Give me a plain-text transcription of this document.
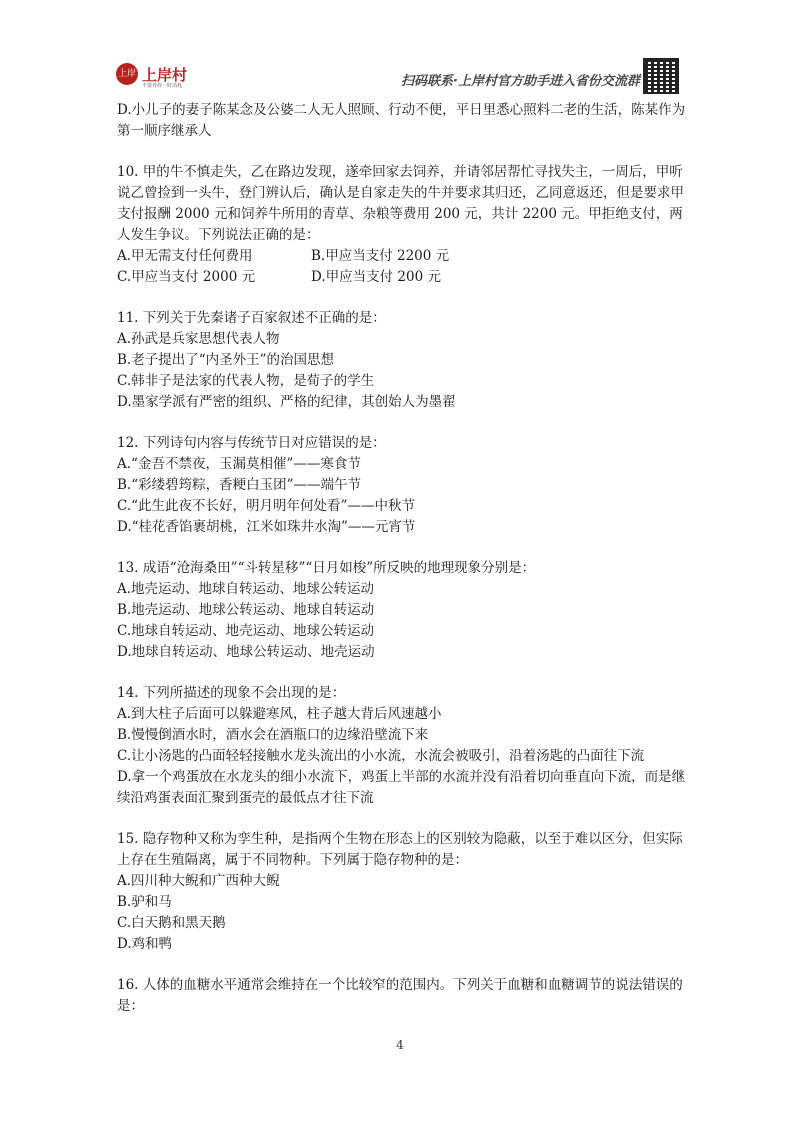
上岸 上岸村
不要养你一时消耗	扫码联系·上岸村官方助手进入省份交流群

D.小儿子的妻子陈某念及公婆二人无人照顾、行动不便，平日里悉心照料二老的生活，陈某作为第一顺序继承人

10. 甲的牛不慎走失，乙在路边发现，遂牵回家去饲养，并请邻居帮忙寻找失主，一周后，甲听说乙曾捡到一头牛，登门辨认后，确认是自家走失的牛并要求其归还，乙同意返还，但是要求甲支付报酬 2000 元和饲养牛所用的青草、杂粮等费用 200 元，共计 2200 元。甲拒绝支付，两人发生争议。下列说法正确的是：

A.甲无需支付任何费用	B.甲应当支付 2200 元

C.甲应当支付 2000 元	D.甲应当支付 200 元

11. 下列关于先秦诸子百家叙述不正确的是：

A.孙武是兵家思想代表人物

B.老子提出了“内圣外王”的治国思想

C.韩非子是法家的代表人物，是荀子的学生

D.墨家学派有严密的组织、严格的纪律，其创始人为墨翟

12. 下列诗句内容与传统节日对应错误的是：

A.“金吾不禁夜，玉漏莫相催”——寒食节

B.“彩缕碧筠粽，香粳白玉团”——端午节

C.“此生此夜不长好，明月明年何处看”——中秋节

D.“桂花香馅裹胡桃，江米如珠井水淘”——元宵节

13. 成语“沧海桑田”“斗转星移”“日月如梭”所反映的地理现象分别是：

A.地壳运动、地球自转运动、地球公转运动

B.地壳运动、地球公转运动、地球自转运动

C.地球自转运动、地壳运动、地球公转运动

D.地球自转运动、地球公转运动、地壳运动

14. 下列所描述的现象不会出现的是：

A.到大柱子后面可以躲避寒风，柱子越大背后风速越小

B.慢慢倒酒水时，酒水会在酒瓶口的边缘沿壁流下来

C.让小汤匙的凸面轻轻接触水龙头流出的小水流，水流会被吸引，沿着汤匙的凸面往下流

D.拿一个鸡蛋放在水龙头的细小水流下，鸡蛋上半部的水流并没有沿着切向垂直向下流，而是继续沿鸡蛋表面汇聚到蛋壳的最低点才往下流

15. 隐存物种又称为孪生种，是指两个生物在形态上的区别较为隐蔽，以至于难以区分，但实际上存在生殖隔离，属于不同物种。下列属于隐存物种的是：

A.四川种大鲵和广西种大鲵

B.驴和马

C.白天鹅和黑天鹅

D.鸡和鸭

16. 人体的血糖水平通常会维持在一个比较窄的范围内。下列关于血糖和血糖调节的说法错误的是：

4
